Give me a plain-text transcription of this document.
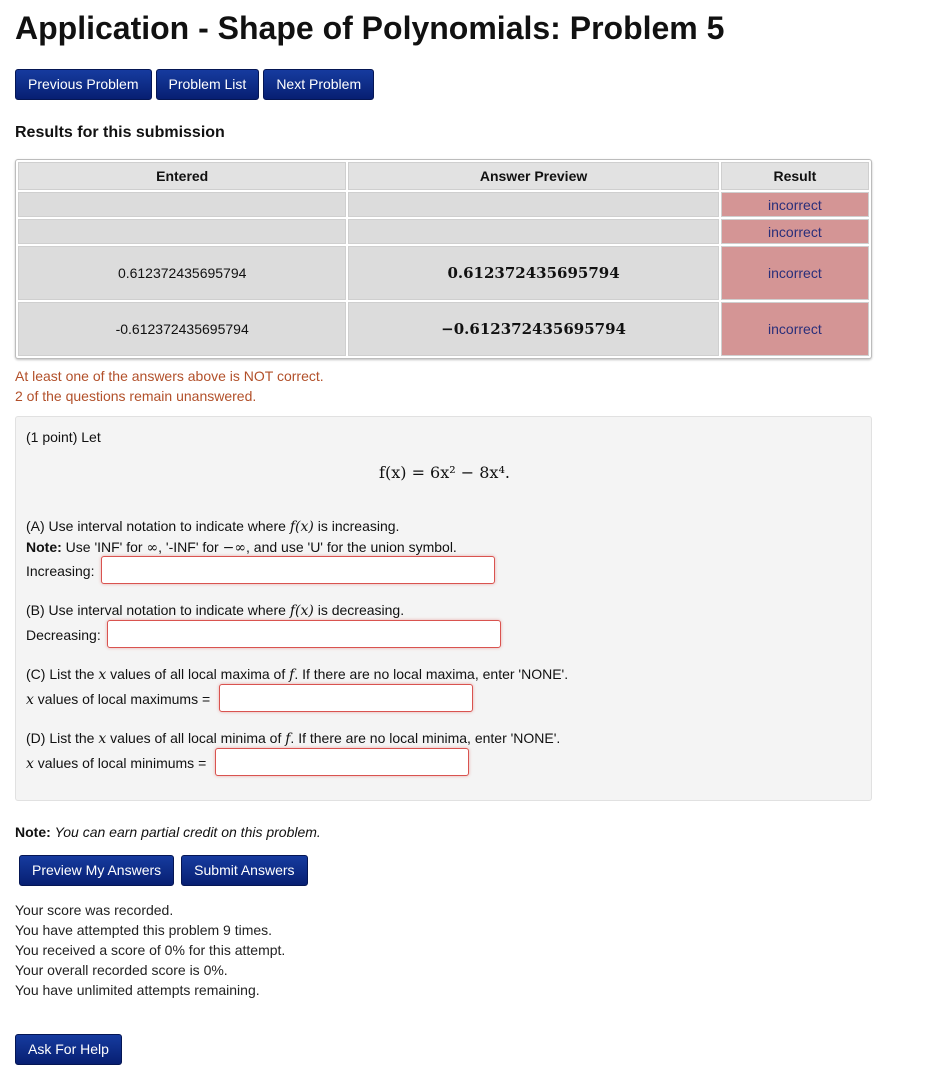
Application - Shape of Polynomials: Problem 5
Previous Problem	Problem List	Next Problem
Results for this submission
Entered	Answer Preview	Result
		incorrect
		incorrect
0.612372435695794	0.612372435695794	incorrect
-0.612372435695794	−0.612372435695794	incorrect
At least one of the answers above is NOT correct.
2 of the questions remain unanswered.
(1 point) Let
f(x) = 6x² − 8x⁴.
(A) Use interval notation to indicate where f(x) is increasing.
Note: Use 'INF' for ∞, '-INF' for −∞, and use 'U' for the union symbol.
Increasing:
(B) Use interval notation to indicate where f(x) is decreasing.
Decreasing:
(C) List the x values of all local maxima of f. If there are no local maxima, enter 'NONE'.
x values of local maximums =
(D) List the x values of all local minima of f. If there are no local minima, enter 'NONE'.
x values of local minimums =
Note: You can earn partial credit on this problem.
Preview My Answers	Submit Answers
Your score was recorded.
You have attempted this problem 9 times.
You received a score of 0% for this attempt.
Your overall recorded score is 0%.
You have unlimited attempts remaining.
Ask For Help
